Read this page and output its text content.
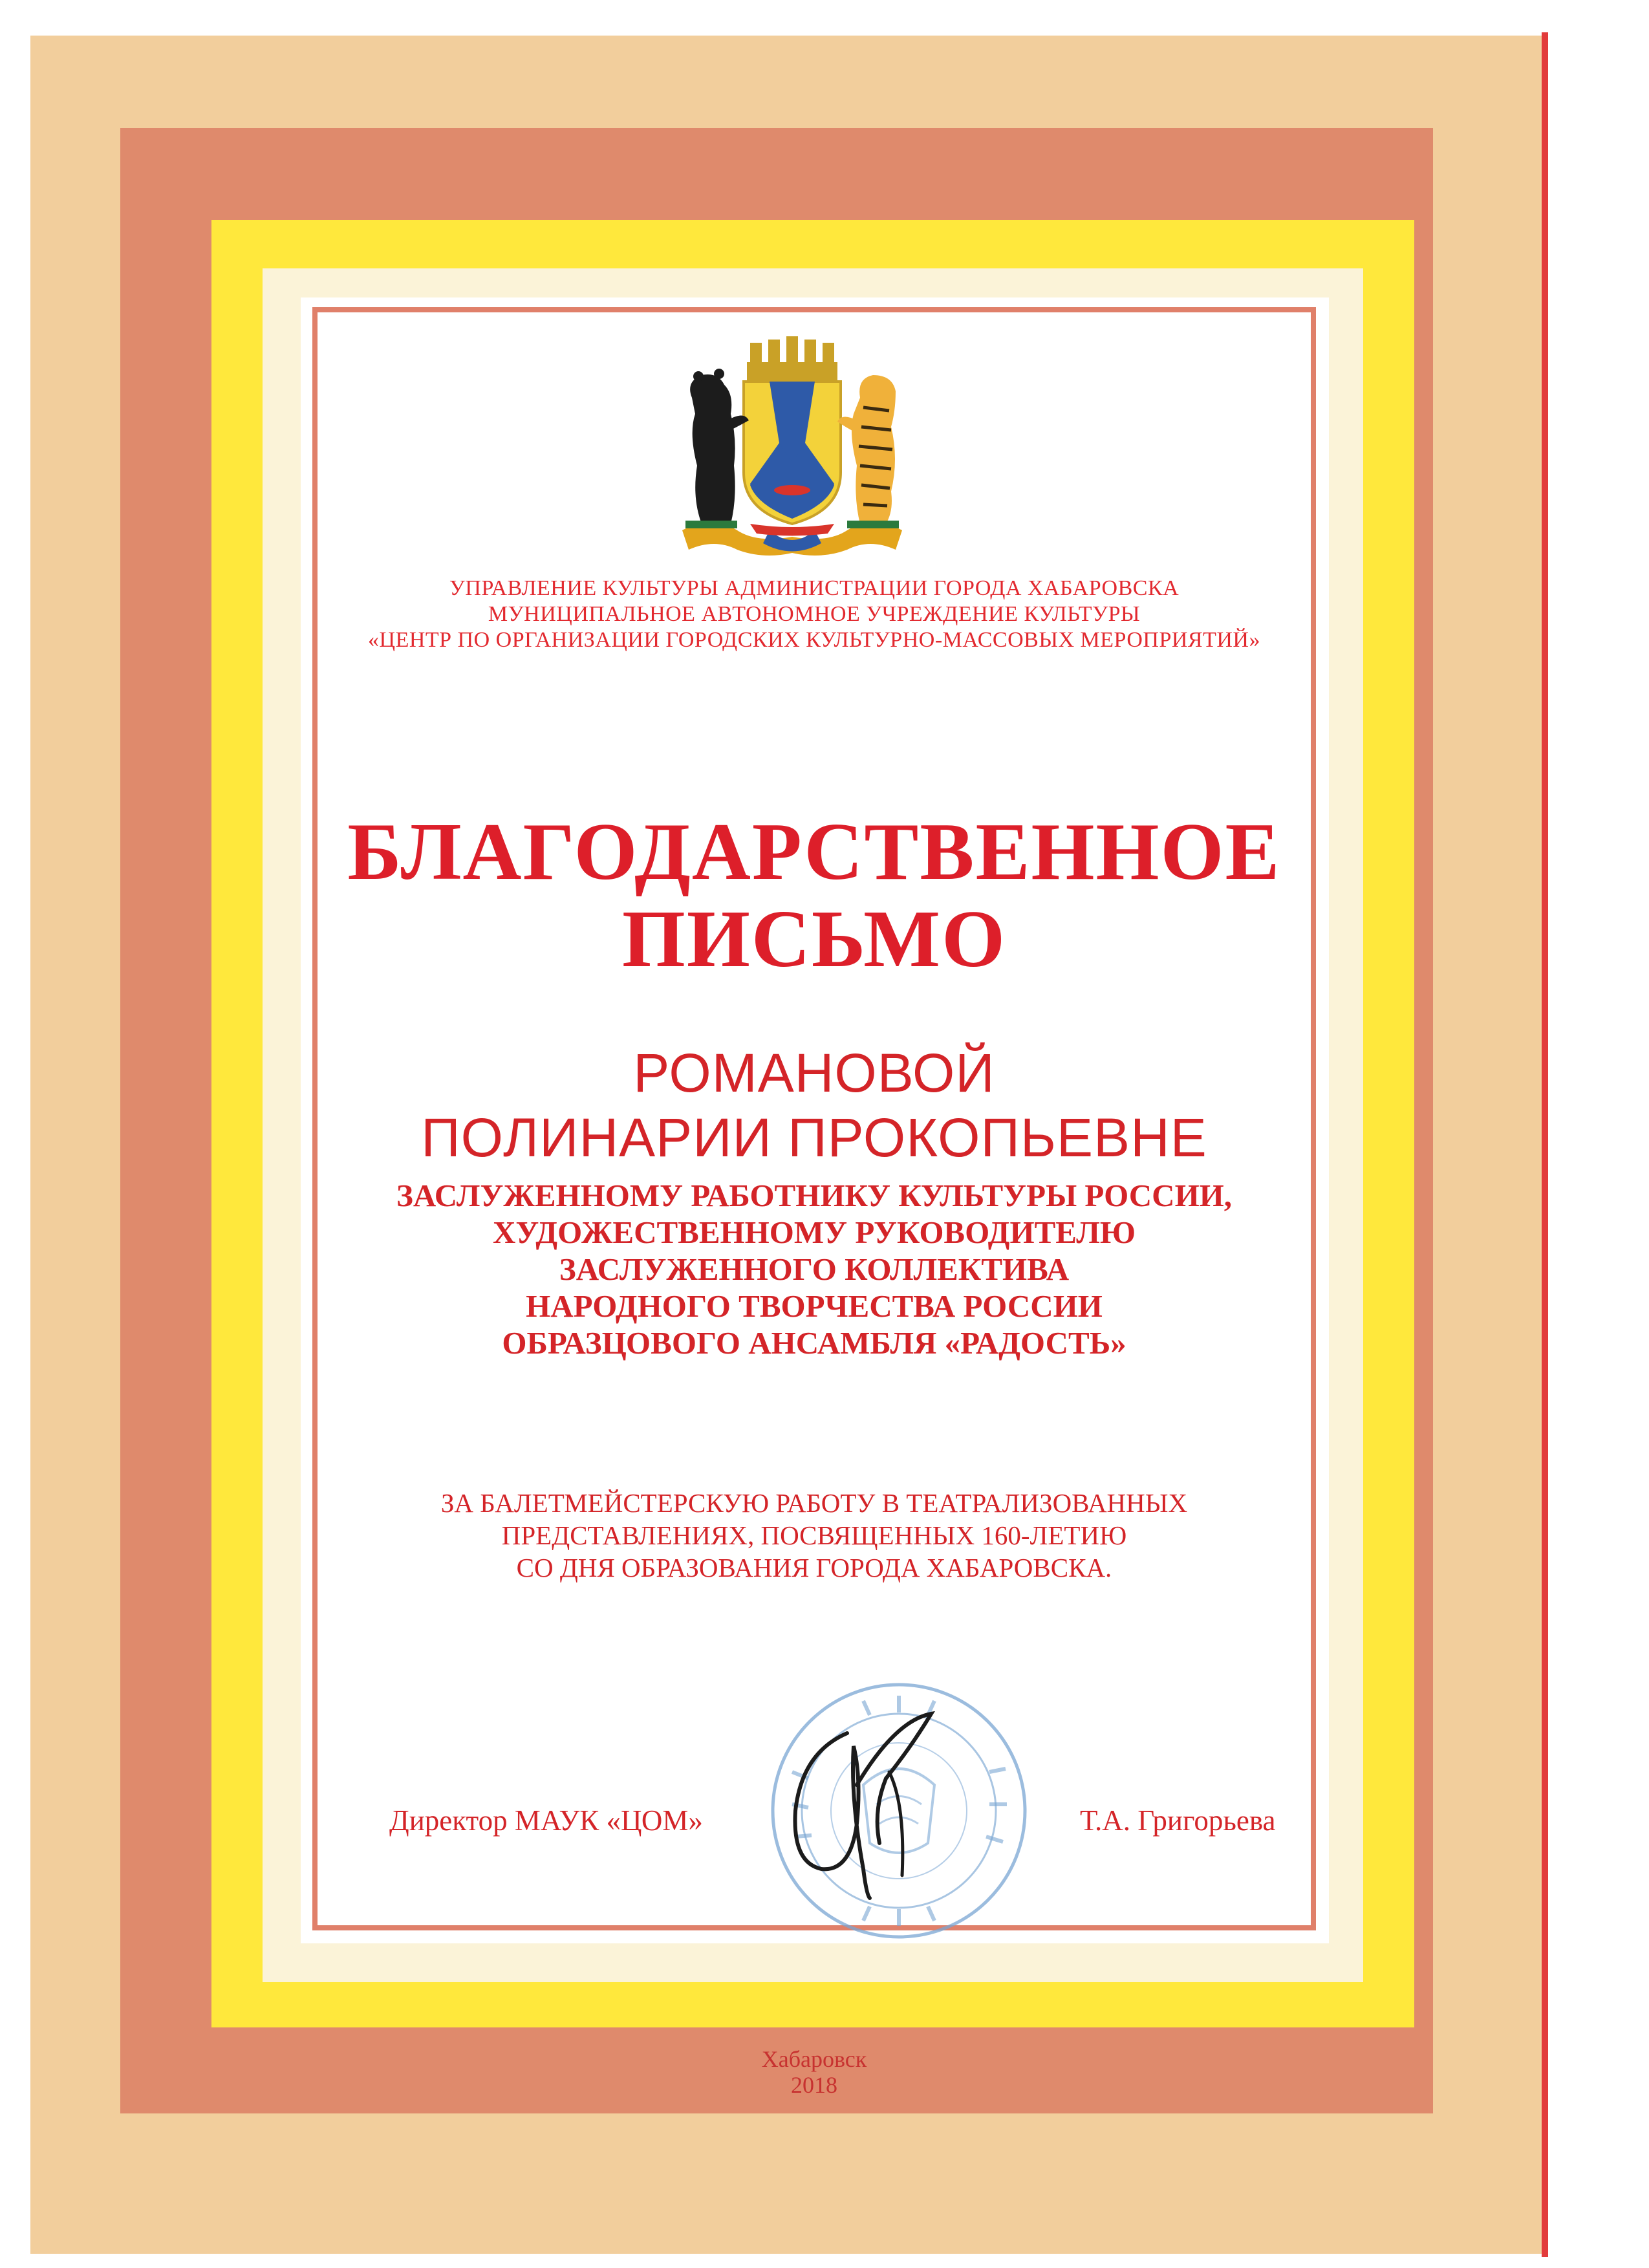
УПРАВЛЕНИЕ КУЛЬТУРЫ АДМИНИСТРАЦИИ ГОРОДА ХАБАРОВСКА
МУНИЦИПАЛЬНОЕ АВТОНОМНОЕ УЧРЕЖДЕНИЕ КУЛЬТУРЫ
«ЦЕНТР ПО ОРГАНИЗАЦИИ ГОРОДСКИХ КУЛЬТУРНО-МАССОВЫХ МЕРОПРИЯТИЙ»
БЛАГОДАРСТВЕННОЕ
ПИСЬМО
РОМАНОВОЙ
ПОЛИНАРИИ ПРОКОПЬЕВНЕ
ЗАСЛУЖЕННОМУ РАБОТНИКУ КУЛЬТУРЫ РОССИИ,
ХУДОЖЕСТВЕННОМУ РУКОВОДИТЕЛЮ
ЗАСЛУЖЕННОГО КОЛЛЕКТИВА
НАРОДНОГО ТВОРЧЕСТВА РОССИИ
ОБРАЗЦОВОГО АНСАМБЛЯ «РАДОСТЬ»
ЗА БАЛЕТМЕЙСТЕРСКУЮ РАБОТУ В ТЕАТРАЛИЗОВАННЫХ
ПРЕДСТАВЛЕНИЯХ, ПОСВЯЩЕННЫХ 160-ЛЕТИЮ
СО ДНЯ ОБРАЗОВАНИЯ ГОРОДА ХАБАРОВСКА.
Директор МАУК «ЦОМ»	Т.А. Григорьева
Хабаровск
2018
